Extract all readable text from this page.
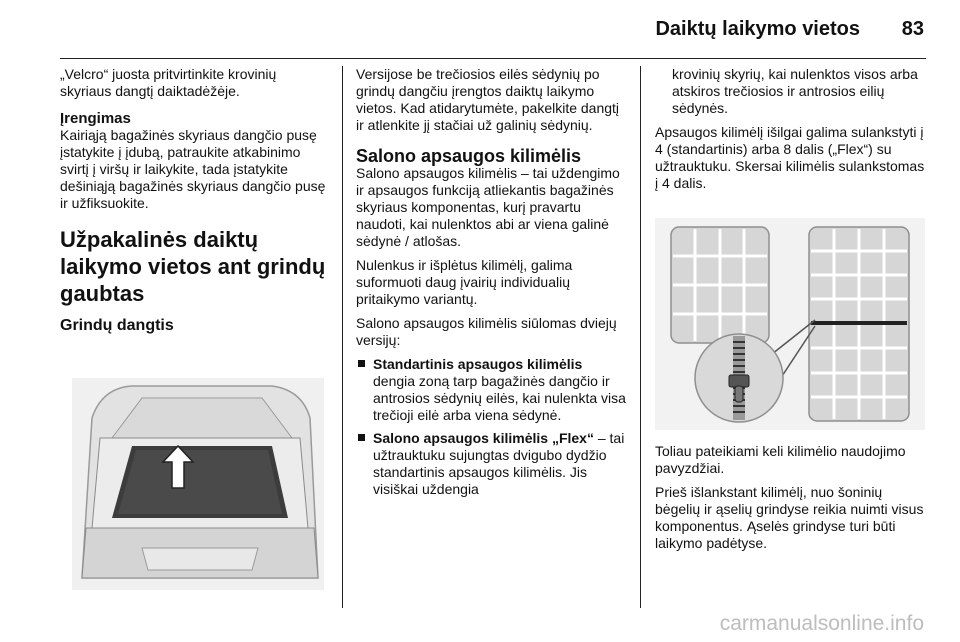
Daiktų laikymo vietos	83

„Velcro“ juosta pritvirtinkite krovinių skyriaus dangtį daiktadėžėje.

Įrengimas

Kairiąją bagažinės skyriaus dangčio pusę įstatykite į įdubą, patraukite atkabinimo svirtį į viršų ir laikykite, tada įstatykite dešiniąją bagažinės skyriaus dangčio pusę ir užfiksuokite.

Užpakalinės daiktų laikymo vietos ant grindų gaubtas
Grindų dangtis

Versijose be trečiosios eilės sėdynių po grindų dangčiu įrengtos daiktų laikymo vietos. Kad atidarytumėte, pakelkite dangtį ir atlenkite jį stačiai už galinių sėdynių.

Salono apsaugos kilimėlis

Salono apsaugos kilimėlis – tai uždengimo ir apsaugos funkciją atliekantis bagažinės skyriaus komponentas, kurį pravartu naudoti, kai nulenktos abi ar viena galinė sėdynė / atlošas.

Nulenkus ir išplėtus kilimėlį, galima suformuoti daug įvairių individualių pritaikymo variantų.

Salono apsaugos kilimėlis siūlomas dviejų versijų:

Standartinis apsaugos kilimėlis
dengia zoną tarp bagažinės dangčio ir antrosios sėdynių eilės, kai nulenkta visa trečioji eilė arba viena sėdynė.
Salono apsaugos kilimėlis „Flex“ – tai užtrauktuku sujungtas dvigubo dydžio standartinis apsaugos kilimėlis. Jis visiškai uždengia
krovinių skyrių, kai nulenktos visos arba atskiros trečiosios ir antrosios eilių sėdynės.

Apsaugos kilimėlį išilgai galima sulankstyti į 4 (standartinis) arba 8 dalis („Flex“) su užtrauktuku. Skersai kilimėlis sulankstomas į 4 dalis.

Toliau pateikiami keli kilimėlio naudojimo pavyzdžiai.

Prieš išlankstant kilimėlį, nuo šoninių bėgelių ir ąselių grindyse reikia nuimti visus komponentus. Ąselės grindyse turi būti laikymo padėtyse.

carmanualsonline.info
